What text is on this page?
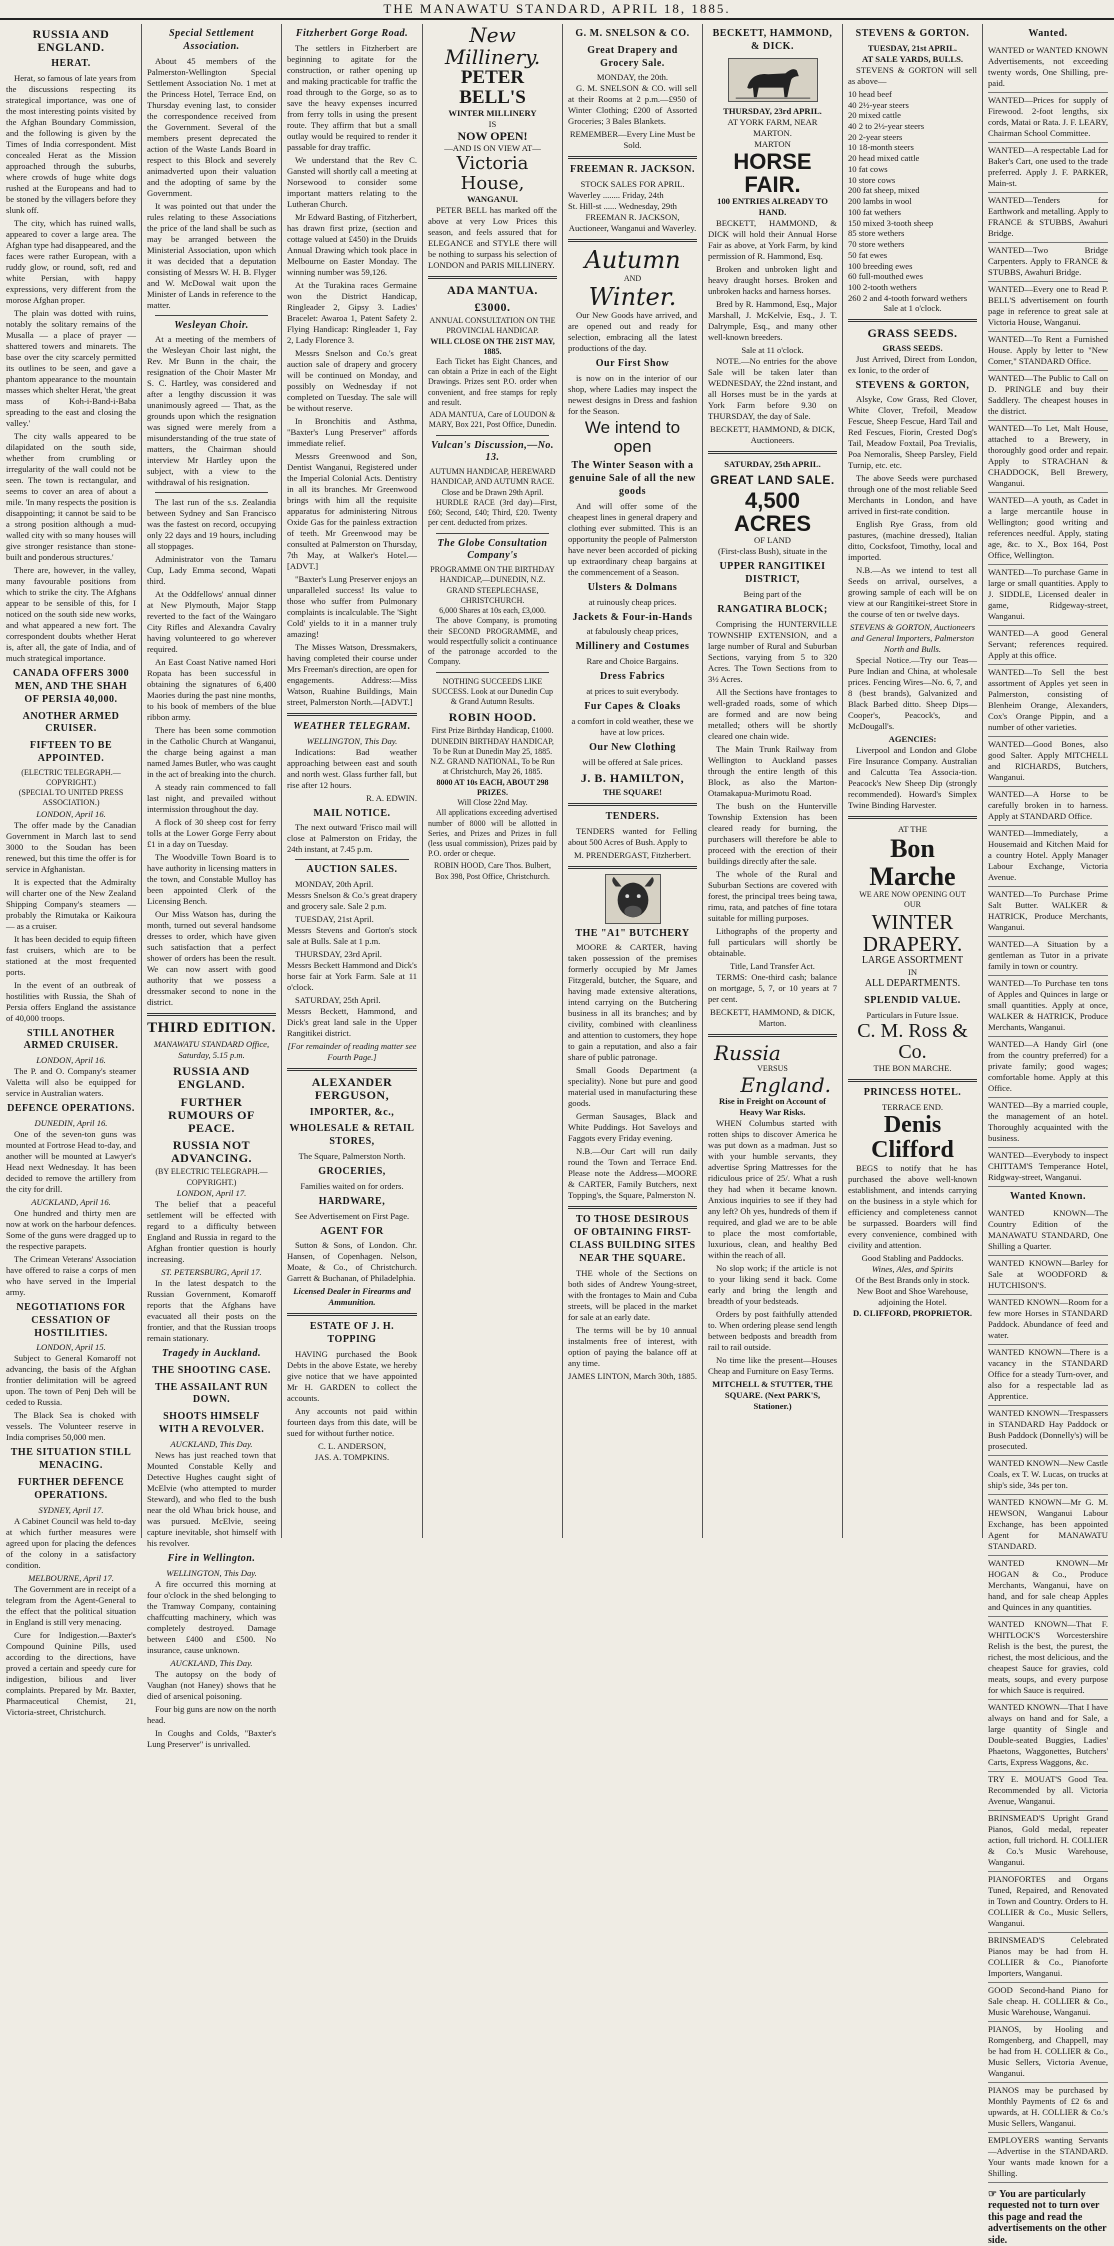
THE MANAWATU STANDARD, APRIL 18, 1885.
RUSSIA AND ENGLAND.
HERAT.

Herat, so famous of late years from the discussions respecting its strategical importance, was one of the most interesting points visited by the Afghan Boundary Commission, and the following is given by the Times of India correspondent. Mist concealed Herat as the Mission approached through the suburbs, where crowds of huge white dogs rushed at the Europeans and had to be stoned by the villagers before they slunk off.

The city, which has ruined walls, appeared to cover a large area. The Afghan type had disappeared, and the faces were rather European, with a ruddy glow, or round, soft, red and white Persian, with happy expressions, very different from the morose Afghan proper.

The plain was dotted with ruins, notably the solitary remains of the Musalla — a place of prayer — shattered towers and minarets. The base over the city scarcely permitted its outlines to be seen, and gave a phantom appearance to the mountain masses which shelter Herat, 'the great mass of Koh-i-Band-i-Baba spreading to the east and closing the valley.'

The city walls appeared to be dilapidated on the south side, whether from crumbling or irregularity of the wall could not be seen. The town is rectangular, and seems to cover an area of about a mile. 'In many respects the position is disappointing; it cannot be said to be a strong position although a mud-walled city with so many houses will give stronger resistance than stone-built and ponderous structures.'

There are, however, in the valley, many favourable positions from which to strike the city. The Afghans appear to be sensible of this, for I noticed on the south side new works, and what appeared a new fort. The correspondent doubts whether Herat is, after all, the gate of India, and of much strategical importance.

CANADA OFFERS 3000 MEN, AND THE SHAH OF PERSIA 40,000.
ANOTHER ARMED CRUISER.
FIFTEEN TO BE APPOINTED.
(ELECTRIC TELEGRAPH.—COPYRIGHT.)
(SPECIAL TO UNITED PRESS ASSOCIATION.)
LONDON, April 16.

The offer made by the Canadian Government in March last to send 3000 to the Soudan has been renewed, but this time the offer is for service in Afghanistan.

It is expected that the Admiralty will charter one of the New Zealand Shipping Company's steamers — probably the Rimutaka or Kaikoura — as a cruiser.

It has been decided to equip fifteen fast cruisers, which are to be stationed at the most frequented ports.

In the event of an outbreak of hostilities with Russia, the Shah of Persia offers England the assistance of 40,000 troops.

STILL ANOTHER ARMED CRUISER.
LONDON, April 16.

The P. and O. Company's steamer Valetta will also be equipped for service in Australian waters.

DEFENCE OPERATIONS.
DUNEDIN, April 16.

One of the seven-ton guns was mounted at Fortrose Head to-day, and another will be mounted at Lawyer's Head next Wednesday. It has been decided to remove the artillery from the city for drill.

AUCKLAND, April 16.

One hundred and thirty men are now at work on the harbour defences. Some of the guns were dragged up to the respective parapets.

The Crimean Veterans' Association have offered to raise a corps of men who have served in the Imperial army.

NEGOTIATIONS FOR CESSATION OF HOSTILITIES.
LONDON, April 15.

Subject to General Komaroff not advancing, the basis of the Afghan frontier delimitation will be agreed upon. The town of Penj Deh will be ceded to Russia.

The Black Sea is choked with vessels. The Volunteer reserve in India comprises 50,000 men.

THE SITUATION STILL MENACING.
FURTHER DEFENCE OPERATIONS.
SYDNEY, April 17.

A Cabinet Council was held to-day at which further measures were agreed upon for placing the defences of the colony in a satisfactory condition.

MELBOURNE, April 17.

The Government are in receipt of a telegram from the Agent-General to the effect that the political situation in England is still very menacing.

Cure for Indigestion.—Baxter's Compound Quinine Pills, used according to the directions, have proved a certain and speedy cure for indigestion, bilious and liver complaints. Prepared by Mr. Baxter, Pharmaceutical Chemist, 21, Victoria-street, Christchurch.

Special Settlement Association.

About 45 members of the Palmerston-Wellington Special Settlement Association No. 1 met at the Princess Hotel, Terrace End, on Thursday evening last, to consider the correspondence received from the Government. Several of the members present deprecated the action of the Waste Lands Board in respect to this Block and severely animadverted upon their valuation and the adopting of same by the Government.

It was pointed out that under the rules relating to these Associations the price of the land shall be such as may be arranged between the Ministerial Association, upon which it was decided that a deputation consisting of Messrs W. H. B. Flyger and W. McDowal wait upon the Minister of Lands in reference to the matter.

Wesleyan Choir.

At a meeting of the members of the Wesleyan Choir last night, the Rev. Mr Bunn in the chair, the resignation of the Choir Master Mr S. C. Hartley, was considered and after a lengthy discussion it was unanimously agreed — That, as the grounds upon which the resignation was signed were merely from a misunderstanding of the true state of matters, the Chairman should interview Mr Hartley upon the subject, with a view to the withdrawal of his resignation.

The last run of the s.s. Zealandia between Sydney and San Francisco was the fastest on record, occupying only 22 days and 19 hours, including all stoppages.

Administrator von the Tamaru Cup, Lady Emma second, Wapati third.

At the Oddfellows' annual dinner at New Plymouth, Major Stapp reverted to the fact of the Waingaro City Rifles and Alexandra Cavalry having volunteered to go wherever required.

An East Coast Native named Hori Ropata has been successful in obtaining the signatures of 6,400 Maories during the past nine months, to his book of members of the blue ribbon army.

There has been some commotion in the Catholic Church at Wanganui, the charge being against a man named James Butler, who was caught in the act of breaking into the church.

A steady rain commenced to fall last night, and prevailed without intermission throughout the day.

A flock of 30 sheep cost for ferry tolls at the Lower Gorge Ferry about £1 in a day on Tuesday.

The Woodville Town Board is to have authority in licensing matters in the town, and Constable Mulloy has been appointed Clerk of the Licensing Bench.

Our Miss Watson has, during the month, turned out several handsome dresses to order, which have given such satisfaction that a perfect shower of orders has been the result. We can now assert with good authority that we possess a dressmaker second to none in the district.

THIRD EDITION.
MANAWATU STANDARD Office, Saturday, 5.15 p.m.
RUSSIA AND ENGLAND.
FURTHER RUMOURS OF PEACE.
RUSSIA NOT ADVANCING.
(BY ELECTRIC TELEGRAPH.—COPYRIGHT.)
LONDON, April 17.

The belief that a peaceful settlement will be effected with regard to a difficulty between England and Russia in regard to the Afghan frontier question is hourly increasing.

ST. PETERSBURG, April 17.

In the latest despatch to the Russian Government, Komaroff reports that the Afghans have evacuated all their posts on the frontier, and that the Russian troops remain stationary.

Tragedy in Auckland.
THE SHOOTING CASE.
THE ASSAILANT RUN DOWN.
SHOOTS HIMSELF WITH A REVOLVER.
AUCKLAND, This Day.

News has just reached town that Mounted Constable Kelly and Detective Hughes caught sight of McElvie (who attempted to murder Steward), and who fled to the bush near the old Whau brick house, and was pursued. McElvie, seeing capture inevitable, shot himself with his revolver.

Fire in Wellington.
WELLINGTON, This Day.

A fire occurred this morning at four o'clock in the shed belonging to the Tramway Company, containing chaffcutting machinery, which was completely destroyed. Damage between £400 and £500. No insurance, cause unknown.

AUCKLAND, This Day.

The autopsy on the body of Vaughan (not Haney) shows that he died of arsenical poisoning.

Four big guns are now on the north head.

In Coughs and Colds, "Baxter's Lung Preserver" is unrivalled.

Fitzherbert Gorge Road.

The settlers in Fitzherbert are beginning to agitate for the construction, or rather opening up and making practicable for traffic the road through to the Gorge, so as to save the heavy expenses incurred from ferry tolls in using the present route. They affirm that but a small outlay would be required to render it passable for dray traffic.

We understand that the Rev C. Gansted will shortly call a meeting at Norsewood to consider some important matters relating to the Lutheran Church.

Mr Edward Basting, of Fitzherbert, has drawn first prize, (section and cottage valued at £450) in the Druids Annual Drawing which took place in Melbourne on Easter Monday. The winning number was 59,126.

At the Turakina races Germaine won the District Handicap, Ringleader 2, Gipsy 3. Ladies' Bracelet: Awaroa 1, Patent Safety 2. Flying Handicap: Ringleader 1, Fay 2, Lady Florence 3.

Messrs Snelson and Co.'s great auction sale of drapery and grocery will be continued on Monday, and possibly on Wednesday if not completed on Tuesday. The sale will be without reserve.

In Bronchitis and Asthma, "Baxter's Lung Preserver" affords immediate relief.

Messrs Greenwood and Son, Dentist Wanganui, Registered under the Imperial Colonial Acts. Dentistry in all its branches. Mr Greenwood brings with him all the requisite apparatus for administering Nitrous Oxide Gas for the painless extraction of teeth. Mr Greenwood may be consulted at Palmerston on Thursday, 7th May, at Walker's Hotel.—[ADVT.]

"Baxter's Lung Preserver enjoys an unparalleled success! Its value to those who suffer from Pulmonary complaints is incalculable. The 'Sight Cold' yields to it in a manner truly amazing!

The Misses Watson, Dressmakers, having completed their course under Mrs Freeman's direction, are open for engagements. Address:—Miss Watson, Ruahine Buildings, Main street, Palmerston North.—[ADVT.]

WEATHER TELEGRAM.
WELLINGTON, This Day.

Indications: Bad weather approaching between east and south and north west. Glass further fall, but rise after 12 hours.

R. A. EDWIN.
MAIL NOTICE.

The next outward 'Frisco mail will close at Palmerston on Friday, the 24th instant, at 7.45 p.m.

AUCTION SALES.

MONDAY, 20th April.
Messrs Snelson & Co.'s great drapery and grocery sale. Sale 2 p.m.

TUESDAY, 21st April.
Messrs Stevens and Gorton's stock sale at Bulls. Sale at 1 p.m.

THURSDAY, 23rd April.
Messrs Beckett Hammond and Dick's horse fair at York Farm. Sale at 11 o'clock.

SATURDAY, 25th April.
Messrs Beckett, Hammond, and Dick's great land sale in the Upper Rangitikei district.

[For remainder of reading matter see Fourth Page.]
ALEXANDER FERGUSON,
IMPORTER, &c.,
WHOLESALE & RETAIL STORES,
The Square, Palmerston North.
GROCERIES,
Families waited on for orders.
HARDWARE,
See Advertisement on First Page.
AGENT FOR

Sutton & Sons, of London. Chr. Hansen, of Copenhagen. Nelson, Moate, & Co., of Christchurch. Garrett & Buchanan, of Philadelphia.

Licensed Dealer in Firearms and Ammunition.
ESTATE OF J. H. TOPPING

HAVING purchased the Book Debts in the above Estate, we hereby give notice that we have appointed Mr H. GARDEN to collect the accounts.

Any accounts not paid within fourteen days from this date, will be sued for without further notice.

C. L. ANDERSON,
JAS. A. TOMPKINS.
New Millinery.
PETER BELL'S
WINTER MILLINERY
IS
NOW OPEN!
—AND IS ON VIEW AT—
Victoria House,
WANGANUI.

PETER BELL has marked off the above at very Low Prices this season, and feels assured that for ELEGANCE and STYLE there will be nothing to surpass his selection of LONDON and PARIS MILLINERY.

ADA MANTUA.
£3000.
ANNUAL CONSULTATION ON THE PROVINCIAL HANDICAP.
WILL CLOSE ON THE 21ST MAY, 1885.

Each Ticket has Eight Chances, and can obtain a Prize in each of the Eight Drawings. Prizes sent P.O. order when convenient, and free stamps for reply and result.

ADA MANTUA, Care of LOUDON & MARY, Box 221, Post Office, Dunedin.
Vulcan's Discussion,—No. 13.
AUTUMN HANDICAP, HEREWARD HANDICAP, AND AUTUMN RACE.
Close and be Drawn 29th April.

HURDLE RACE (3rd day)—First, £60; Second, £40; Third, £20. Twenty per cent. deducted from prizes.

The Globe Consultation Company's
PROGRAMME ON THE BIRTHDAY HANDICAP,—DUNEDIN, N.Z. GRAND STEEPLECHASE, CHRISTCHURCH.
6,000 Shares at 10s each, £3,000.

The above Company, is promoting their SECOND PROGRAMME, and would respectfully solicit a continuance of the patronage accorded to the Company.

NOTHING SUCCEEDS LIKE SUCCESS. Look at our Dunedin Cup & Grand Autumn Results.
ROBIN HOOD.
First Prize Birthday Handicap, £1000.
DUNEDIN BIRTHDAY HANDICAP, To be Run at Dunedin May 25, 1885. N.Z. GRAND NATIONAL, To be Run at Christchurch, May 26, 1885.
8000 AT 10s EACH, ABOUT 298 PRIZES.
Will Close 22nd May.

All applications exceeding advertised number of 8000 will be allotted in Series, and Prizes and Prizes in full (less usual commission), Prizes paid by P.O. order or cheque.

ROBIN HOOD, Care Thos. Bulbert, Box 398, Post Office, Christchurch.
G. M. SNELSON & CO.
Great Drapery and Grocery Sale.
MONDAY, the 20th.

G. M. SNELSON & CO. will sell at their Rooms at 2 p.m.—£950 of Winter Clothing; £200 of Assorted Groceries; 3 Bales Blankets.

REMEMBER—Every Line Must be Sold.
FREEMAN R. JACKSON.
STOCK SALES FOR APRIL.
Waverley ........ Friday, 24th
St. Hill-st ...... Wednesday, 29th
FREEMAN R. JACKSON, Auctioneer, Wanganui and Waverley.
Autumn
AND
Winter.

Our New Goods have arrived, and are opened out and ready for selection, embracing all the latest productions of the day.

Our First Show

is now on in the interior of our shop, where Ladies may inspect the newest designs in Dress and fashion for the Season.

We intend to open
The Winter Season with a genuine Sale of all the new goods

And will offer some of the cheapest lines in general drapery and clothing ever submitted. This is an opportunity the people of Palmerston have never been accorded of picking up extraordinary cheap bargains at the commencement of a Season.

Ulsters & Dolmans
at ruinously cheap prices.
Jackets & Four-in-Hands
at fabulously cheap prices,
Millinery and Costumes
Rare and Choice Bargains.
Dress Fabrics
at prices to suit everybody.
Fur Capes & Cloaks
a comfort in cold weather, these we have at low prices.
Our New Clothing
will be offered at Sale prices.
J. B. HAMILTON,
THE SQUARE!
TENDERS.

TENDERS wanted for Felling about 500 Acres of Bush. Apply to

M. PRENDERGAST, Fitzherbert.
THE "A1" BUTCHERY

MOORE & CARTER, having taken possession of the premises formerly occupied by Mr James Fitzgerald, butcher, the Square, and having made extensive alterations, intend carrying on the Butchering business in all its branches; and by civility, combined with cleanliness and attention to customers, they hope to gain a reputation, and also a fair share of public patronage.

Small Goods Department (a speciality). None but pure and good material used in manufacturing these goods.

German Sausages, Black and White Puddings. Hot Saveloys and Faggots every Friday evening.

N.B.—Our Cart will run daily round the Town and Terrace End. Please note the Address—MOORE & CARTER, Family Butchers, next Topping's, the Square, Palmerston N.

TO THOSE DESIROUS OF OBTAINING FIRST-CLASS BUILDING SITES NEAR THE SQUARE.

THE whole of the Sections on both sides of Andrew Young-street, with the frontages to Main and Cuba streets, will be placed in the market for sale at an early date.

The terms will be by 10 annual instalments free of interest, with option of paying the balance off at any time.

JAMES LINTON, March 30th, 1885.
BECKETT, HAMMOND, & DICK.
THURSDAY, 23rd APRIL.
AT YORK FARM, NEAR MARTON.
MARTON
HORSE FAIR.
100 ENTRIES ALREADY TO HAND.

BECKETT, HAMMOND, & DICK will hold their Annual Horse Fair as above, at York Farm, by kind permission of R. Hammond, Esq.

Broken and unbroken light and heavy draught horses. Broken and unbroken hacks and harness horses.

Bred by R. Hammond, Esq., Major Marshall, J. McKelvie, Esq., J. T. Dalrymple, Esq., and many other well-known breeders.

Sale at 11 o'clock.

NOTE.—No entries for the above Sale will be taken later than WEDNESDAY, the 22nd instant, and all Horses must be in the yards at York Farm before 9.30 on THURSDAY, the day of Sale.

BECKETT, HAMMOND, & DICK, Auctioneers.
SATURDAY, 25th APRIL.
GREAT LAND SALE.
4,500 ACRES
OF LAND
(First-class Bush), situate in the
UPPER RANGITIKEI DISTRICT,
Being part of the
RANGATIRA BLOCK;

Comprising the HUNTERVILLE TOWNSHIP EXTENSION, and a large number of Rural and Suburban Sections, varying from 5 to 320 Acres. The Town Sections from to 3½ Acres.

All the Sections have frontages to well-graded roads, some of which are formed and are now being metalled; others will be shortly cleared one chain wide.

The Main Trunk Railway from Wellington to Auckland passes through the entire length of this Block, as also the Marton-Otamakapua-Murimotu Road.

The bush on the Hunterville Township Extension has been cleared ready for burning, the purchasers will therefore be able to proceed with the erection of their buildings directly after the sale.

The whole of the Rural and Suburban Sections are covered with forest, the principal trees being tawa, rimu, rata, and patches of fine totara suitable for milling purposes.

Lithographs of the property and full particulars will shortly be obtainable.

Title, Land Transfer Act.

TERMS: One-third cash; balance on mortgage, 5, 7, or 10 years at 7 per cent.

BECKETT, HAMMOND, & DICK, Marton.
Russia
VERSUS
England.
Rise in Freight on Account of Heavy War Risks.

WHEN Columbus started with rotten ships to discover America he was put down as a madman. Just so with your humble servants, they advertise Spring Mattresses for the ridiculous price of 25/. What a rush they had when it became known. Anxious inquiries to see if they had any left? Oh yes, hundreds of them if required, and glad we are to be able to place the most comfortable, luxurious, clean, and healthy Bed within the reach of all.

No slop work; if the article is not to your liking send it back. Come early and bring the length and breadth of your bedsteads.

Orders by post faithfully attended to. When ordering please send length between bedposts and breadth from rail to rail outside.

No time like the present—Houses Cheap and Furniture on Easy Terms.

MITCHELL & STUTTER, THE SQUARE. (Next PARK'S, Stationer.)
STEVENS & GORTON.
TUESDAY, 21st APRIL.
AT SALE YARDS, BULLS.

STEVENS & GORTON will sell as above—

10 head beef
40 2½-year steers
20 mixed cattle
40 2 to 2½-year steers
20 2-year steers
10 18-month steers
20 head mixed cattle
10 fat cows
10 store cows
200 fat sheep, mixed
200 lambs in wool
100 fat wethers
150 mixed 3-tooth sheep
85 store wethers
70 store wethers
50 fat ewes
100 breeding ewes
60 full-mouthed ewes
100 2-tooth wethers
260 2 and 4-tooth forward wethers
Sale at 1 o'clock.
GRASS SEEDS.
GRASS SEEDS.

Just Arrived, Direct from London, ex Ionic, to the order of

STEVENS & GORTON,

Alsyke, Cow Grass, Red Clover, White Clover, Trefoil, Meadow Fescue, Sheep Fescue, Hard Tail and Red Fescues, Fiorin, Crested Dog's Tail, Meadow Foxtail, Poa Trevialis, Poa Nemoralis, Sheep Parsley, Field Turnip, etc. etc.

The above Seeds were purchased through one of the most reliable Seed Merchants in London, and have arrived in first-rate condition.

English Rye Grass, from old pastures, (machine dressed), Italian ditto, Cocksfoot, Timothy, local and imported.

N.B.—As we intend to test all Seeds on arrival, ourselves, a growing sample of each will be on view at our Rangitikei-street Store in the course of ten or twelve days.

STEVENS & GORTON, Auctioneers and General Importers, Palmerston North and Bulls.

Special Notice.—Try our Teas—Pure Indian and China, at wholesale prices. Fencing Wires—No. 6, 7, and 8 (best brands), Galvanized and Black Barbed ditto. Sheep Dips—Cooper's, Peacock's, and McDougall's.

AGENCIES:

Liverpool and London and Globe Fire Insurance Company. Australian and Calcutta Tea Associa-tion. Peacock's New Sheep Dip (strongly recommended). Howard's Simplex Twine Binding Harvester.

AT THE
Bon Marche
WE ARE NOW OPENING OUT
OUR
WINTER DRAPERY.
LARGE ASSORTMENT
IN
ALL DEPARTMENTS.
SPLENDID VALUE.
Particulars in Future Issue.
C. M. Ross & Co.
THE BON MARCHE.
PRINCESS HOTEL.
TERRACE END.
Denis Clifford

BEGS to notify that he has purchased the above well-known establishment, and intends carrying on the business in a style which for efficiency and completeness cannot be surpassed. Boarders will find every convenience, combined with civility and attention.

Good Stabling and Paddocks.
Wines, Ales, and Spirits
Of the Best Brands only in stock.
New Boot and Shoe Warehouse, adjoining the Hotel.
D. CLIFFORD, PROPRIETOR.
Wanted.

WANTED or WANTED KNOWN Advertisements, not exceeding twenty words, One Shilling, pre-paid.

WANTED—Prices for supply of Firewood. 2-foot lengths, six cords, Matai or Rata. J. F. LEARY, Chairman School Committee.

WANTED—A respectable Lad for Baker's Cart, one used to the trade preferred. Apply J. F. PARKER, Main-st.

WANTED—Tenders for Earthwork and metalling. Apply to FRANCE & STUBBS, Awahuri Bridge.

WANTED—Two Bridge Carpenters. Apply to FRANCE & STUBBS, Awahuri Bridge.

WANTED—Every one to Read P. BELL'S advertisement on fourth page in reference to great sale at Victoria House, Wanganui.

WANTED—To Rent a Furnished House. Apply by letter to "New Comer," STANDARD Office.

WANTED—The Public to Call on D. PRINGLE and buy their Saddlery. The cheapest houses in the district.

WANTED—To Let, Malt House, attached to a Brewery, in thoroughly good order and repair. Apply to STRACHAN & CHADDOCK, Bell Brewery, Wanganui.

WANTED—A youth, as Cadet in a large mercantile house in Wellington; good writing and references needful. Apply, stating age, &c. to X., Box 164, Post Office, Wellington.

WANTED—To purchase Game in large or small quantities. Apply to J. SIDDLE, Licensed dealer in game, Ridgeway-street, Wanganui.

WANTED—A good General Servant; references required. Apply at this office.

WANTED—To Sell the best assortment of Apples yet seen in Palmerston, consisting of Blenheim Orange, Alexanders, Cox's Orange Pippin, and a number of other varieties.

WANTED—Good Bones, also good Salter. Apply MITCHELL and RICHARDS, Butchers, Wanganui.

WANTED—A Horse to be carefully broken in to harness. Apply at STANDARD Office.

WANTED—Immediately, a Housemaid and Kitchen Maid for a country Hotel. Apply Manager Labour Exchange, Victoria Avenue.

WANTED—To Purchase Prime Salt Butter. WALKER & HATRICK, Produce Merchants, Wanganui.

WANTED—A Situation by a gentleman as Tutor in a private family in town or country.

WANTED—To Purchase ten tons of Apples and Quinces in large or small quantities. Apply at once, WALKER & HATRICK, Produce Merchants, Wanganui.

WANTED—A Handy Girl (one from the country preferred) for a private family; good wages; comfortable home. Apply at this Office.

WANTED—By a married couple, the management of an hotel. Thoroughly acquainted with the business.

WANTED—Everybody to inspect CHITTAM'S Temperance Hotel, Ridgway-street, Wanganui.

Wanted Known.

WANTED KNOWN—The Country Edition of the MANAWATU STANDARD, One Shilling a Quarter.

WANTED KNOWN—Barley for Sale at WOODFORD & HUTCHISON'S.

WANTED KNOWN—Room for a few more Horses in STANDARD Paddock. Abundance of feed and water.

WANTED KNOWN—There is a vacancy in the STANDARD Office for a steady Turn-over, and also for a respectable lad as Apprentice.

WANTED KNOWN—Trespassers in STANDARD Hay Paddock or Bush Paddock (Donnelly's) will be prosecuted.

WANTED KNOWN—New Castle Coals, ex T. W. Lucas, on trucks at ship's side, 34s per ton.

WANTED KNOWN—Mr G. M. HEWSON, Wanganui Labour Exchange, has been appointed Agent for MANAWATU STANDARD.

WANTED KNOWN—Mr HOGAN & Co., Produce Merchants, Wanganui, have on hand, and for sale cheap Apples and Quinces in any quantities.

WANTED KNOWN—That F. WHITLOCK'S Worcestershire Relish is the best, the purest, the richest, the most delicious, and the cheapest Sauce for gravies, cold meats, soups, and every purpose for which Sauce is required.

WANTED KNOWN—That I have always on hand and for Sale, a large quantity of Single and Double-seated Buggies, Ladies' Phaetons, Waggonettes, Butchers' Carts, Express Waggons, &c.

TRY E. MOUAT'S Good Tea. Recommended by all. Victoria Avenue, Wanganui.

BRINSMEAD'S Upright Grand Pianos, Gold medal, repeater action, full trichord. H. COLLIER & Co.'s Music Warehouse, Wanganui.

PIANOFORTES and Organs Tuned, Repaired, and Renovated in Town and Country. Orders to H. COLLIER & Co., Music Sellers, Wanganui.

BRINSMEAD'S Celebrated Pianos may be had from H. COLLIER & Co., Pianoforte Importers, Wanganui.

GOOD Second-hand Piano for Sale cheap. H. COLLIER & Co., Music Warehouse, Wanganui.

PIANOS, by Hooling and Romgenberg, and Chappell, may be had from H. COLLIER & Co., Music Sellers, Victoria Avenue, Wanganui.

PIANOS may be purchased by Monthly Payments of £2 6s and upwards, at H. COLLIER & Co.'s Music Sellers, Wanganui.

EMPLOYERS wanting Servants—Advertise in the STANDARD. Your wants made known for a Shilling.

☞ You are particularly requested not to turn over this page and read the advertisements on the other side.
